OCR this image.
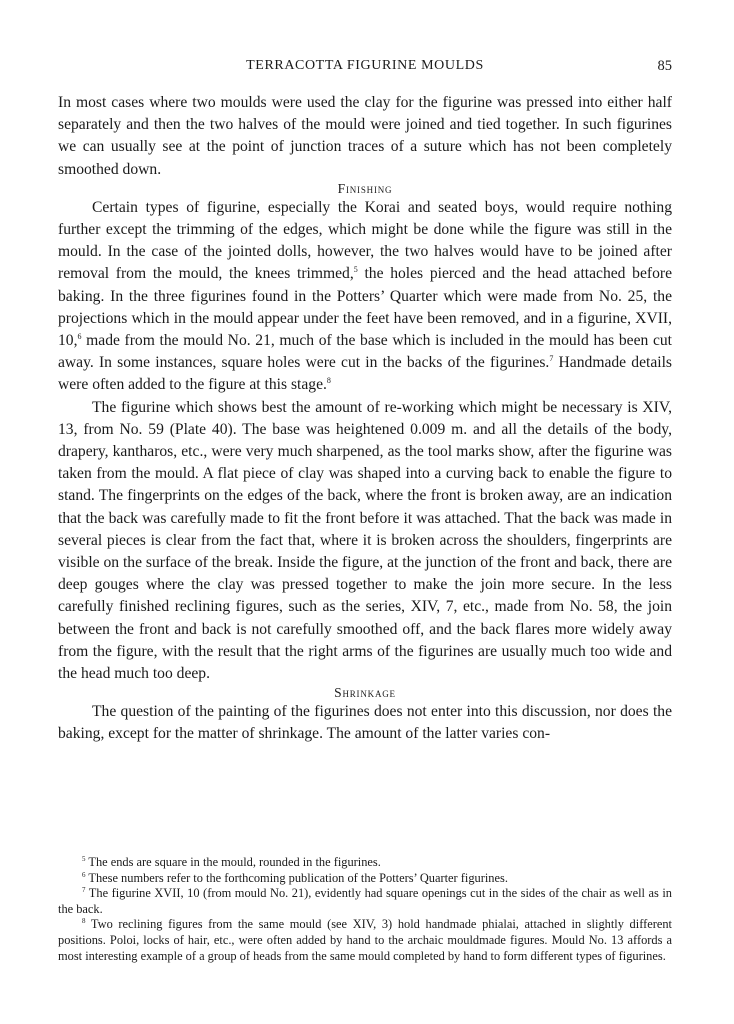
TERRACOTTA FIGURINE MOULDS	85

In most cases where two moulds were used the clay for the figurine was pressed into either half separately and then the two halves of the mould were joined and tied together. In such figurines we can usually see at the point of junction traces of a suture which has not been completely smoothed down.

Finishing

Certain types of figurine, especially the Korai and seated boys, would require nothing further except the trimming of the edges, which might be done while the figure was still in the mould. In the case of the jointed dolls, however, the two halves would have to be joined after removal from the mould, the knees trimmed,$^5$ the holes pierced and the head attached before baking. In the three figurines found in the Potters’ Quarter which were made from No. 25, the projections which in the mould appear under the feet have been removed, and in a figurine, XVII, 10,$^6$ made from the mould No. 21, much of the base which is included in the mould has been cut away. In some instances, square holes were cut in the backs of the figurines.$^7$ Handmade details were often added to the figure at this stage.$^8$

The figurine which shows best the amount of re-working which might be necessary is XIV, 13, from No. 59 (Plate 40). The base was heightened 0.009 m. and all the details of the body, drapery, kantharos, etc., were very much sharpened, as the tool marks show, after the figurine was taken from the mould. A flat piece of clay was shaped into a curving back to enable the figure to stand. The fingerprints on the edges of the back, where the front is broken away, are an indication that the back was carefully made to fit the front before it was attached. That the back was made in several pieces is clear from the fact that, where it is broken across the shoulders, fingerprints are visible on the surface of the break. Inside the figure, at the junction of the front and back, there are deep gouges where the clay was pressed together to make the join more secure. In the less carefully finished reclining figures, such as the series, XIV, 7, etc., made from No. 58, the join between the front and back is not carefully smoothed off, and the back flares more widely away from the figure, with the result that the right arms of the figurines are usually much too wide and the head much too deep.

Shrinkage

The question of the painting of the figurines does not enter into this discussion, nor does the baking, except for the matter of shrinkage. The amount of the latter varies con-

$^5$ The ends are square in the mould, rounded in the figurines.

$^6$ These numbers refer to the forthcoming publication of the Potters’ Quarter figurines.

$^7$ The figurine XVII, 10 (from mould No. 21), evidently had square openings cut in the sides of the chair as well as in the back.

$^8$ Two reclining figures from the same mould (see XIV, 3) hold handmade phialai, attached in slightly different positions. Poloi, locks of hair, etc., were often added by hand to the archaic mouldmade figures. Mould No. 13 affords a most interesting example of a group of heads from the same mould completed by hand to form different types of figurines.
